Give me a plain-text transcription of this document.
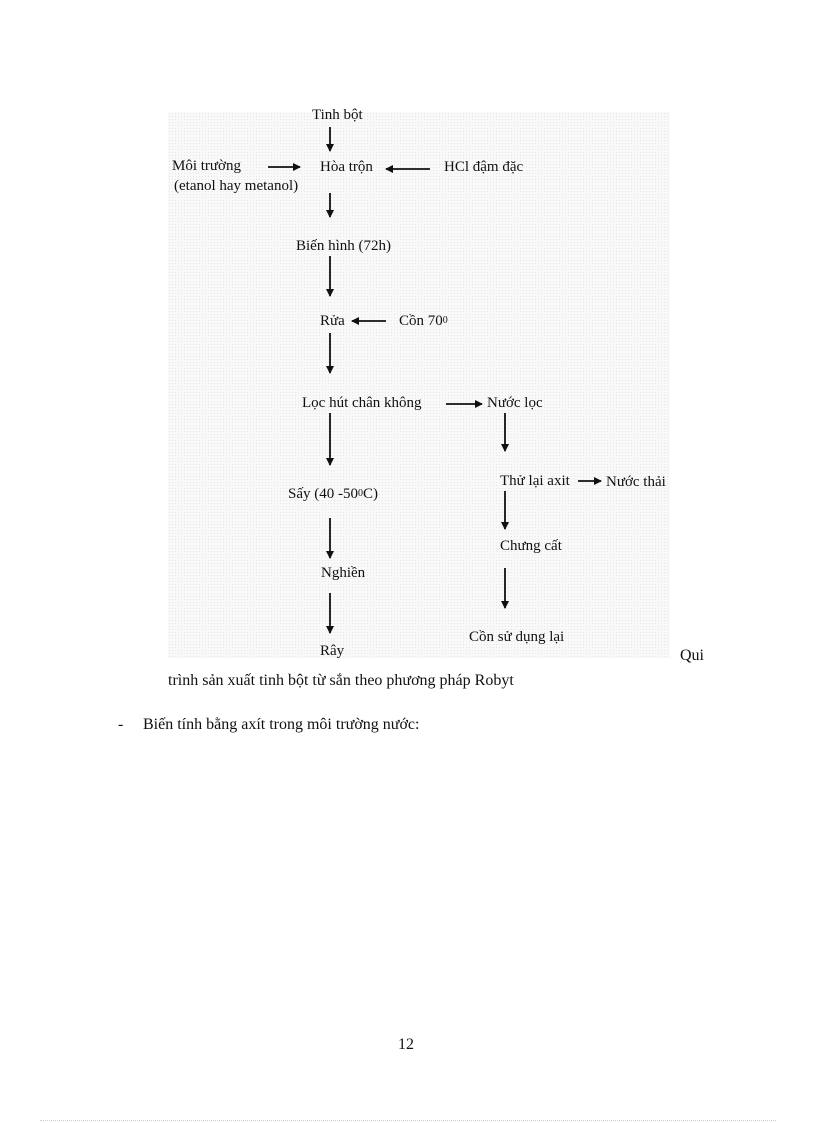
Tinh bột
Môi trường
(etanol hay metanol)
Hòa trộn	HCl đậm đặc
Biến hình (72h)
Rửa	Cồn $70^0$
Lọc hút chân không	Nước lọc
Sấy (40 $-50^0C$)
Thử lại axit Nước thải
Chưng cất
Nghiền
Rây
Cồn sử dụng lại
Qui
trình sản xuất tinh bột từ sắn theo phương pháp Robyt
- Biến tính bằng axít trong môi trường nước:
12
